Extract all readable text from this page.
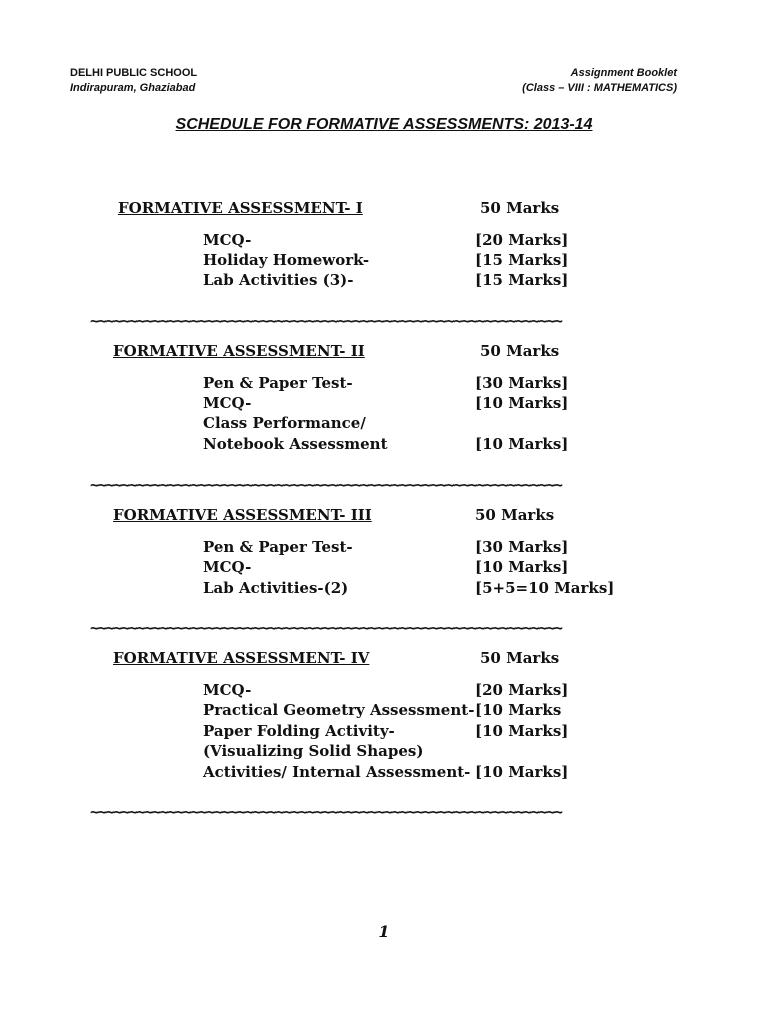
DELHI PUBLIC SCHOOL
Indirapuram, Ghaziabad
Assignment Booklet
(Class – VIII : MATHEMATICS)
SCHEDULE FOR FORMATIVE ASSESSMENTS: 2013-14
FORMATIVE ASSESSMENT- I	50 Marks
MCQ-	[20 Marks]
Holiday Homework-	[15 Marks]
Lab Activities (3)-	[15 Marks]
~~~~~~~~~~~~~~~~~~~~~~~~~~~~~~~~~~~~~~~~~~~~~~~~~~~~~~~~~~~~~
FORMATIVE ASSESSMENT- II	50 Marks
Pen & Paper Test-	[30 Marks]
MCQ-	[10 Marks]
Class Performance/
Notebook Assessment	[10 Marks]
~~~~~~~~~~~~~~~~~~~~~~~~~~~~~~~~~~~~~~~~~~~~~~~~~~~~~~~~~~~~~
FORMATIVE ASSESSMENT- III	50 Marks
Pen & Paper Test-	[30 Marks]
MCQ-	[10 Marks]
Lab Activities-(2)	[5+5=10 Marks]
~~~~~~~~~~~~~~~~~~~~~~~~~~~~~~~~~~~~~~~~~~~~~~~~~~~~~~~~~~~~~
FORMATIVE ASSESSMENT- IV	50 Marks
MCQ-	[20 Marks]
Practical Geometry Assessment- [10 Marks
Paper Folding Activity-	[10 Marks]
(Visualizing Solid Shapes)
Activities/ Internal Assessment- [10 Marks]
~~~~~~~~~~~~~~~~~~~~~~~~~~~~~~~~~~~~~~~~~~~~~~~~~~~~~~~~~~~~~
1
